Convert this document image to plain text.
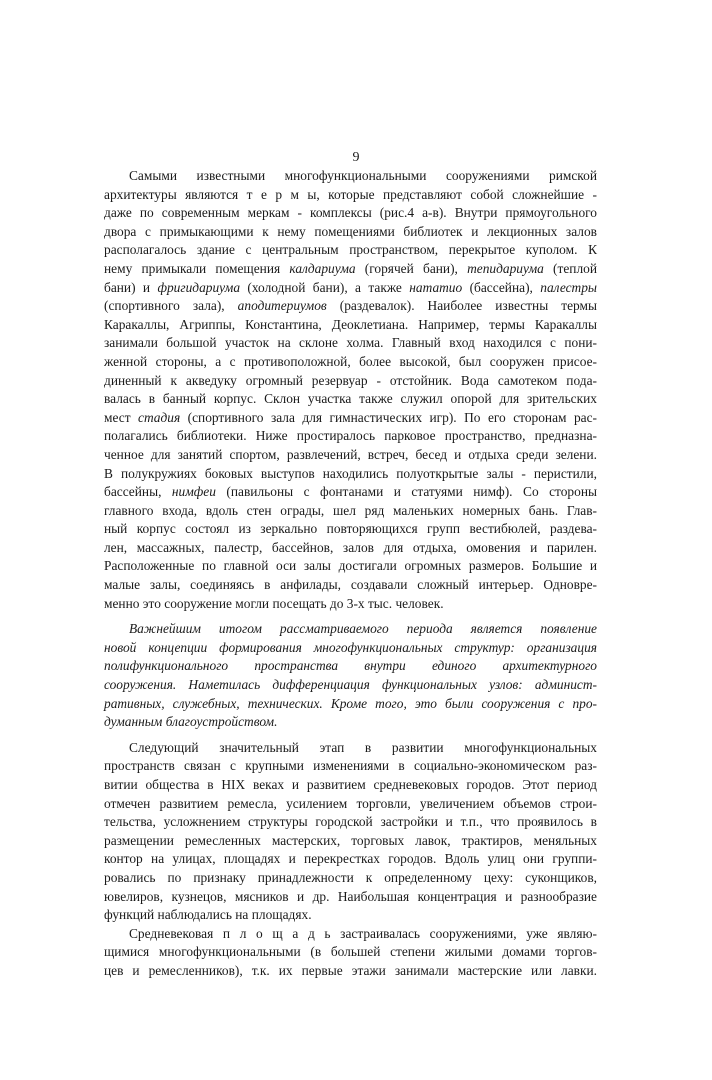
9
Самыми известными многофункциональными сооружениями римской
архитектуры являются т е р м ы, которые представляют собой сложнейшие -
даже по современным меркам - комплексы (рис.4 а-в). Внутри прямоугольного
двора с примыкающими к нему помещениями библиотек и лекционных залов
располагалось здание с центральным пространством, перекрытое куполом. К
нему примыкали помещения калдариума (горячей бани), тепидариума (теплой
бани) и фригидариума (холодной бани), а также нататио (бассейна), палестры
(спортивного зала), аподитериумов (раздевалок). Наиболее известны термы
Каракаллы, Агриппы, Константина, Деоклетиана. Например, термы Каракаллы
занимали большой участок на склоне холма. Главный вход находился с пони-
женной стороны, а с противоположной, более высокой, был сооружен присое-
диненный к акведуку огромный резервуар - отстойник. Вода самотеком пода-
валась в банный корпус. Склон участка также служил опорой для зрительских
мест стадия (спортивного зала для гимнастических игр). По его сторонам рас-
полагались библиотеки. Ниже простиралось парковое пространство, предназна-
ченное для занятий спортом, развлечений, встреч, бесед и отдыха среди зелени.
В полукружиях боковых выступов находились полуоткрытые залы - перистили,
бассейны, нимфеи (павильоны с фонтанами и статуями нимф). Со стороны
главного входа, вдоль стен ограды, шел ряд маленьких номерных бань. Глав-
ный корпус состоял из зеркально повторяющихся групп вестибюлей, раздева-
лен, массажных, палестр, бассейнов, залов для отдыха, омовения и парилен.
Расположенные по главной оси залы достигали огромных размеров. Большие и
малые залы, соединяясь в анфилады, создавали сложный интерьер. Одновре-
менно это сооружение могли посещать до 3-х тыс. человек.
Важнейшим итогом рассматриваемого периода является появление
новой концепции формирования многофункциональных структур: организация
полифункционального пространства внутри единого архитектурного
сооружения. Наметилась дифференциация функциональных узлов: админист-
ративных, служебных, технических. Кроме того, это были сооружения с про-
думанным благоустройством.
Следующий значительный этап в развитии многофункциональных
пространств связан с крупными изменениями в социально-экономическом раз-
витии общества в НIХ веках и развитием средневековых городов. Этот период
отмечен развитием ремесла, усилением торговли, увеличением объемов строи-
тельства, усложнением структуры городской застройки и т.п., что проявилось в
размещении ремесленных мастерских, торговых лавок, трактиров, меняльных
контор на улицах, площадях и перекрестках городов. Вдоль улиц они группи-
ровались по признаку принадлежности к определенному цеху: суконщиков,
ювелиров, кузнецов, мясников и др. Наибольшая концентрация и разнообразие
функций наблюдались на площадях.
Средневековая п л о щ а д ь застраивалась сооружениями, уже являю-
щимися многофункциональными (в большей степени жилыми домами торгов-
цев и ремесленников), т.к. их первые этажи занимали мастерские или лавки.
